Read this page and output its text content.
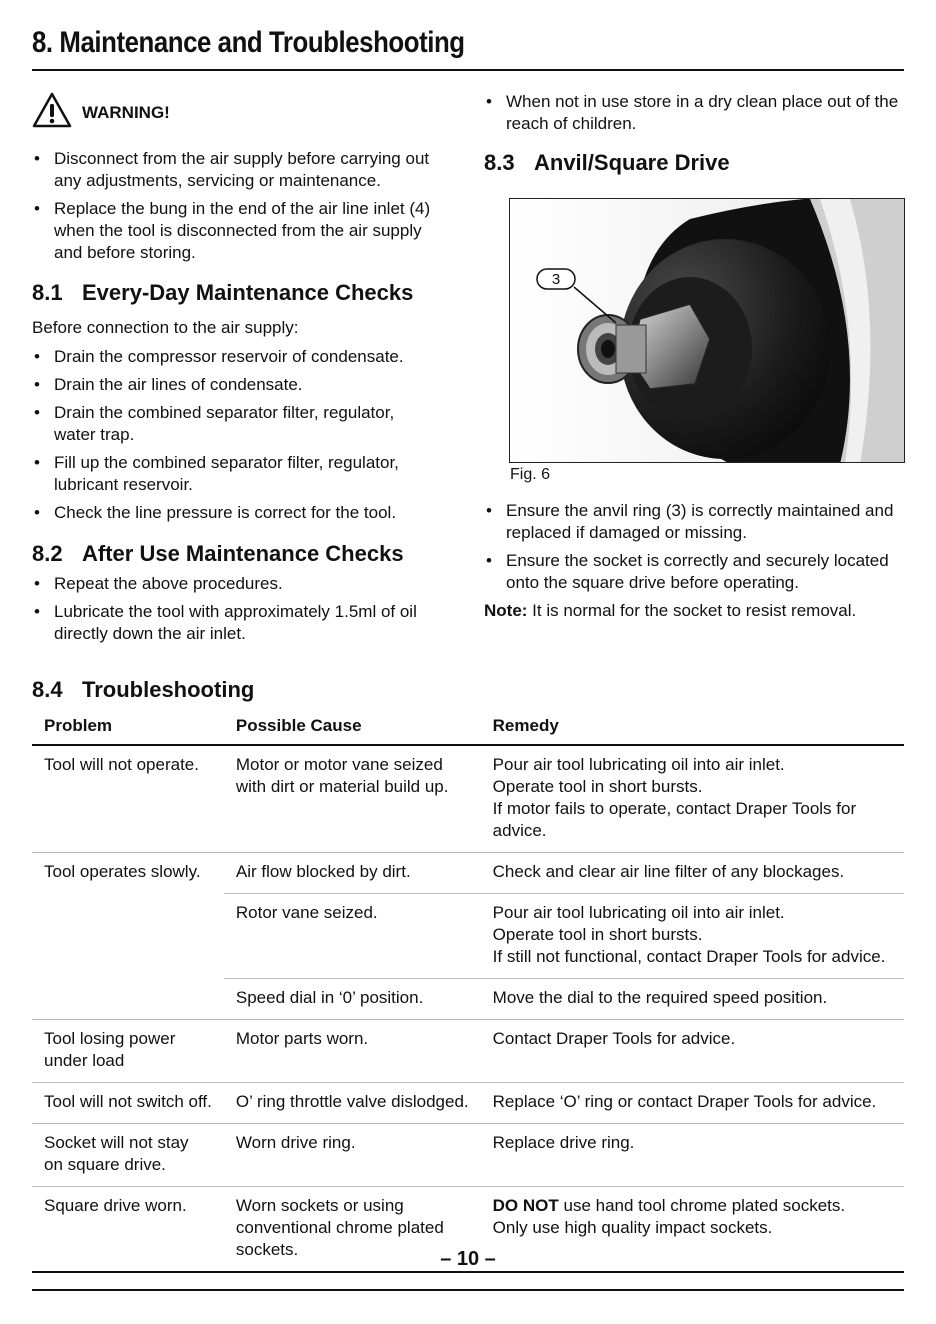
8. Maintenance and Troubleshooting
WARNING!
• Disconnect from the air supply before carrying out any adjustments, servicing or maintenance.
• Replace the bung in the end of the air line inlet (4) when the tool is disconnected from the air supply and before storing.
8.1 Every-Day Maintenance Checks
Before connection to the air supply:
• Drain the compressor reservoir of condensate.
• Drain the air lines of condensate.
• Drain the combined separator filter, regulator, water trap.
• Fill up the combined separator filter, regulator, lubricant reservoir.
• Check the line pressure is correct for the tool.
8.2 After Use Maintenance Checks
• Repeat the above procedures.
• Lubricate the tool with approximately 1.5ml of oil directly down the air inlet.
• When not in use store in a dry clean place out of the reach of children.
8.3 Anvil/Square Drive
3
Fig. 6
• Ensure the anvil ring (3) is correctly maintained and replaced if damaged or missing.
• Ensure the socket is correctly and securely located onto the square drive before operating.
Note: It is normal for the socket to resist removal.
8.4 Troubleshooting
Problem	Possible Cause	Remedy
Tool will not operate.	Motor or motor vane seized with dirt or material build up.	Pour air tool lubricating oil into air inlet.
Operate tool in short bursts.
If motor fails to operate, contact Draper Tools for advice.

Tool operates slowly.	Air flow blocked by dirt.	Check and clear air line filter of any blockages.

	Rotor vane seized.	Pour air tool lubricating oil into air inlet.
Operate tool in short bursts.
If still not functional, contact Draper Tools for advice.

	Speed dial in ‘0’ position.	Move the dial to the required speed position.

Tool losing power under load	Motor parts worn.	Contact Draper Tools for advice.

Tool will not switch off.	O’ ring throttle valve dislodged.	Replace ‘O’ ring or contact Draper Tools for advice.

Socket will not stay on square drive.	Worn drive ring.	Replace drive ring.

Square drive worn.	Worn sockets or using conventional chrome plated sockets.	DO NOT use hand tool chrome plated sockets.
Only use high quality impact sockets.
– 10 –
